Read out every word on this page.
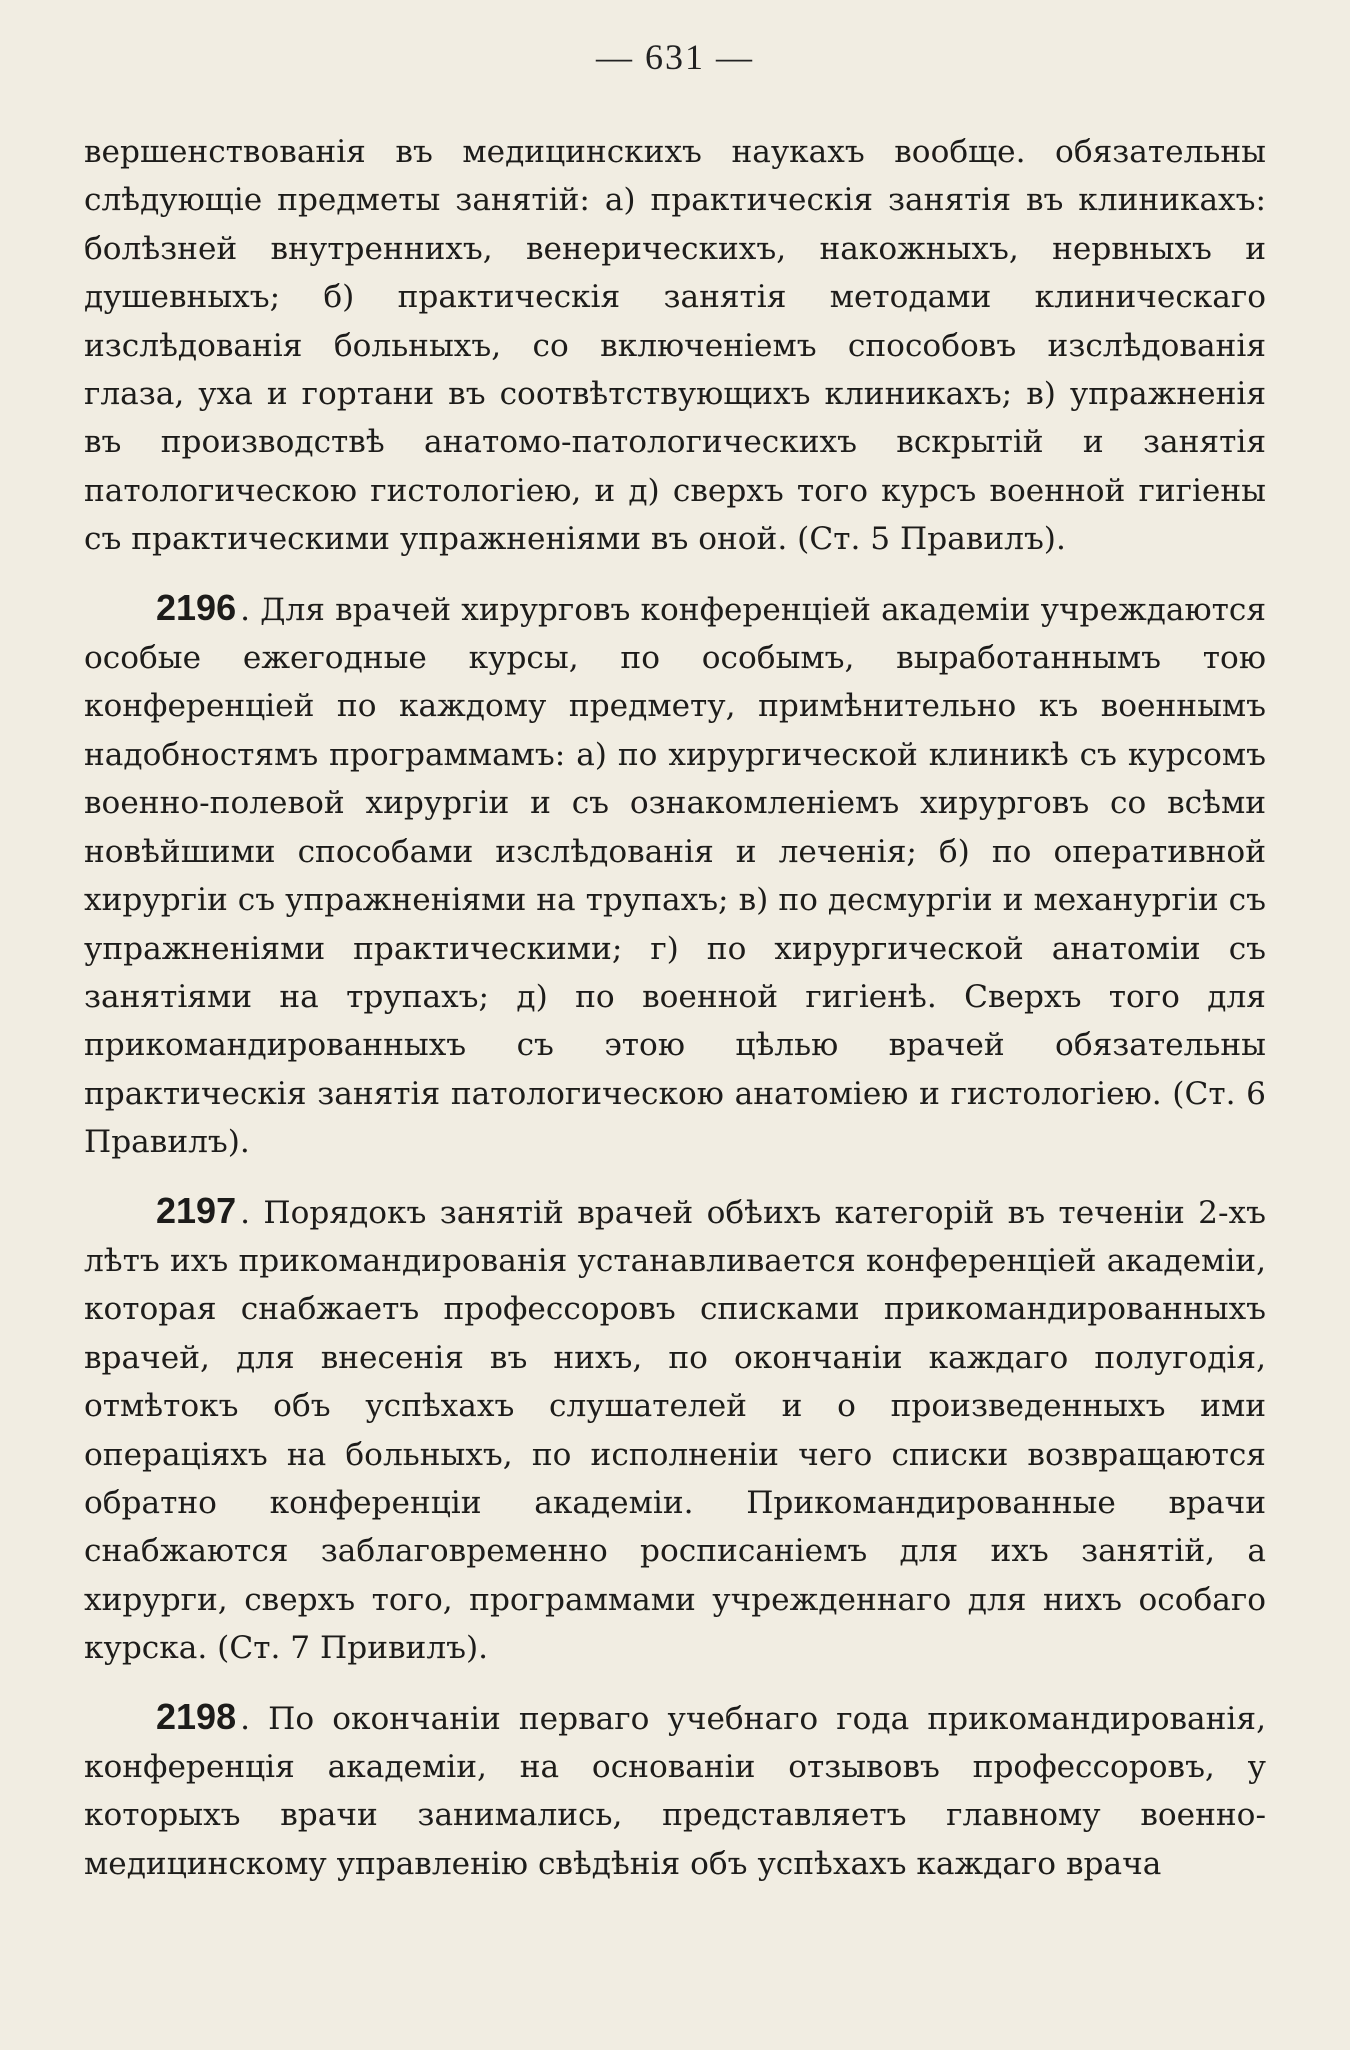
— 631 —

вершенствованія въ медицинскихъ наукахъ вообще. обязательны слѣдующіе предметы занятій: а) практическія занятія въ клиникахъ: болѣзней внутреннихъ, венерическихъ, накожныхъ, нервныхъ и душевныхъ; б) практическія занятія методами клиническаго изслѣдованія больныхъ, со включеніемъ способовъ изслѣдованія глаза, уха и гортани въ соотвѣтствующихъ клиникахъ; в) упражненія въ производствѣ анатомо-патологическихъ вскрытій и занятія патологическою гистологіею, и д) сверхъ того курсъ военной гигіены съ практическими упражненіями въ оной. (Ст. 5 Правилъ).

2196 . Для врачей хирурговъ конференціей академіи учреждаются особые ежегодные курсы, по особымъ, выработаннымъ тою конференціей по каждому предмету, примѣнительно къ военнымъ надобностямъ программамъ: а) по хирургической клиникѣ съ курсомъ военно-полевой хирургіи и съ ознакомленіемъ хирурговъ со всѣми новѣйшими способами изслѣдованія и леченія; б) по оперативной хирургіи съ упражненіями на трупахъ; в) по десмургіи и механургіи съ упражненіями практическими; г) по хирургической анатоміи съ занятіями на трупахъ; д) по военной гигіенѣ. Сверхъ того для прикомандированныхъ съ этою цѣлью врачей обязательны практическія занятія патологическою анатоміею и гистологіею. (Ст. 6 Правилъ).

2197 . Порядокъ занятій врачей обѣихъ категорій въ теченіи 2-хъ лѣтъ ихъ прикомандированія устанавливается конференціей академіи, которая снабжаетъ профессоровъ списками прикомандированныхъ врачей, для внесенія въ нихъ, по окончаніи каждаго полугодія, отмѣтокъ объ успѣхахъ слушателей и о произведенныхъ ими операціяхъ на больныхъ, по исполненіи чего списки возвращаются обратно конференціи академіи. Прикомандированные врачи снабжаются заблаговременно росписаніемъ для ихъ занятій, а хирурги, сверхъ того, программами учрежденнаго для нихъ особаго курска. (Ст. 7 Привилъ).

2198 . По окончаніи перваго учебнаго года прикомандированія, конференція академіи, на основаніи отзывовъ профессоровъ, у которыхъ врачи занимались, представляетъ главному военно-медицинскому управленію свѣдѣнія объ успѣхахъ каждаго врача
